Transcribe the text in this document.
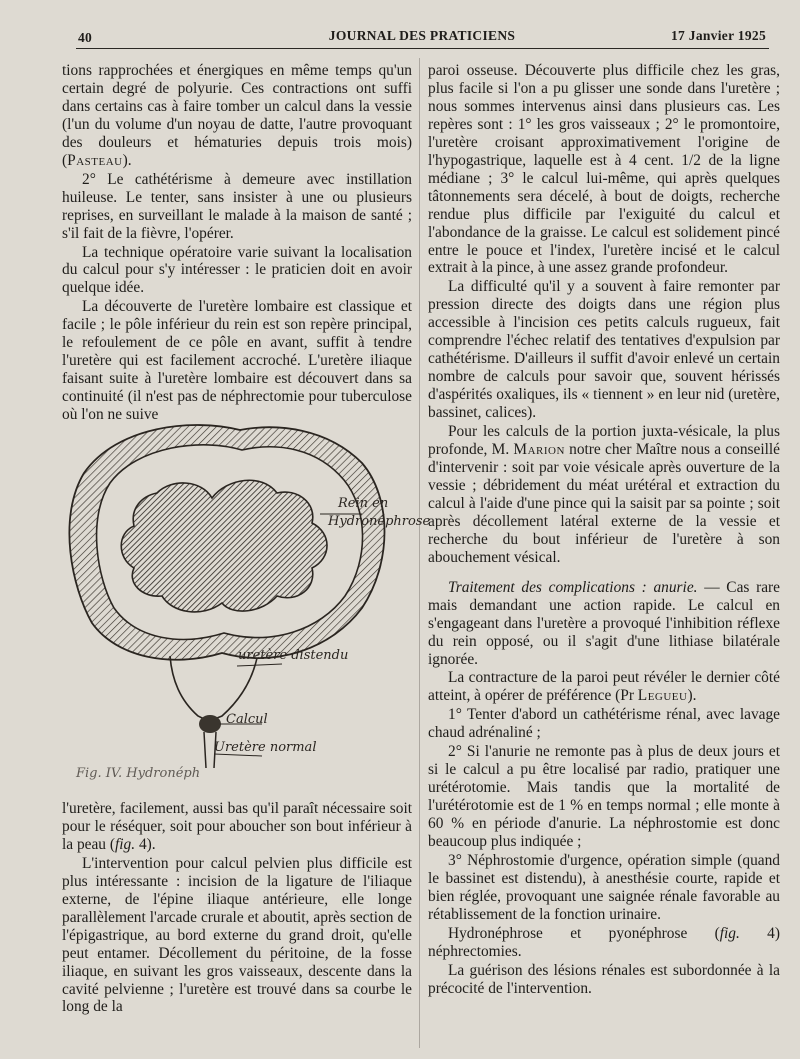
40	JOURNAL DES PRATICIENS	17 Janvier 1925

tions rapprochées et énergiques en même temps qu'un certain degré de polyurie. Ces contractions ont suffi dans certains cas à faire tomber un calcul dans la vessie (l'un du volume d'un noyau de datte, l'autre provoquant des douleurs et hématuries depuis trois mois) (Pasteau).

2° Le cathétérisme à demeure avec instillation huileuse. Le tenter, sans insister à une ou plusieurs reprises, en surveillant le malade à la maison de santé ; s'il fait de la fièvre, l'opérer.

La technique opératoire varie suivant la localisation du calcul pour s'y intéresser : le praticien doit en avoir quelque idée.

La découverte de l'uretère lombaire est classique et facile ; le pôle inférieur du rein est son repère principal, le refoulement de ce pôle en avant, suffit à tendre l'uretère qui est facilement accroché. L'uretère iliaque faisant suite à l'uretère lombaire est découvert dans sa continuité (il n'est pas de néphrectomie pour tuberculose où l'on ne suive

Rein en
Hydronéphrose
uretère distendu
Calcul
Uretère normal
Fig. IV. Hydronéph

l'uretère, facilement, aussi bas qu'il paraît nécessaire soit pour le réséquer, soit pour aboucher son bout inférieur à la peau (fig. 4).

L'intervention pour calcul pelvien plus difficile est plus intéressante : incision de la ligature de l'iliaque externe, de l'épine iliaque antérieure, elle longe parallèlement l'arcade crurale et aboutit, après section de l'épigastrique, au bord externe du grand droit, qu'elle peut entamer. Décollement du péritoine, de la fosse iliaque, en suivant les gros vaisseaux, descente dans la cavité pelvienne ; l'uretère est trouvé dans sa courbe le long de la

paroi osseuse. Découverte plus difficile chez les gras, plus facile si l'on a pu glisser une sonde dans l'uretère ; nous sommes intervenus ainsi dans plusieurs cas. Les repères sont : 1° les gros vaisseaux ; 2° le promontoire, l'uretère croisant approximativement l'origine de l'hypogastrique, laquelle est à 4 cent. 1/2 de la ligne médiane ; 3° le calcul lui-même, qui après quelques tâtonnements sera décelé, à bout de doigts, recherche rendue plus difficile par l'exiguité du calcul et l'abondance de la graisse. Le calcul est solidement pincé entre le pouce et l'index, l'uretère incisé et le calcul extrait à la pince, à une assez grande profondeur.

La difficulté qu'il y a souvent à faire remonter par pression directe des doigts dans une région plus accessible à l'incision ces petits calculs rugueux, fait comprendre l'échec relatif des tentatives d'expulsion par cathétérisme. D'ailleurs il suffit d'avoir enlevé un certain nombre de calculs pour savoir que, souvent hérissés d'aspérités oxaliques, ils « tiennent » en leur nid (uretère, bassinet, calices).

Pour les calculs de la portion juxta-vésicale, la plus profonde, M. Marion notre cher Maître nous a conseillé d'intervenir : soit par voie vésicale après ouverture de la vessie ; débridement du méat urétéral et extraction du calcul à l'aide d'une pince qui la saisit par sa pointe ; soit après décollement latéral externe de la vessie et recherche du bout inférieur de l'uretère à son abouchement vésical.

Traitement des complications : anurie. — Cas rare mais demandant une action rapide. Le calcul en s'engageant dans l'uretère a provoqué l'inhibition réflexe du rein opposé, ou il s'agit d'une lithiase bilatérale ignorée.

La contracture de la paroi peut révéler le dernier côté atteint, à opérer de préférence (Pr Legueu).

1° Tenter d'abord un cathétérisme rénal, avec lavage chaud adrénaliné ;

2° Si l'anurie ne remonte pas à plus de deux jours et si le calcul a pu être localisé par radio, pratiquer une urétérotomie. Mais tandis que la mortalité de l'urétérotomie est de 1 % en temps normal ; elle monte à 60 % en période d'anurie. La néphrostomie est donc beaucoup plus indiquée ;

3° Néphrostomie d'urgence, opération simple (quand le bassinet est distendu), à anesthésie courte, rapide et bien réglée, provoquant une saignée rénale favorable au rétablissement de la fonction urinaire.

Hydronéphrose et pyonéphrose (fig. 4) néphrectomies.

La guérison des lésions rénales est subordonnée à la précocité de l'intervention.
